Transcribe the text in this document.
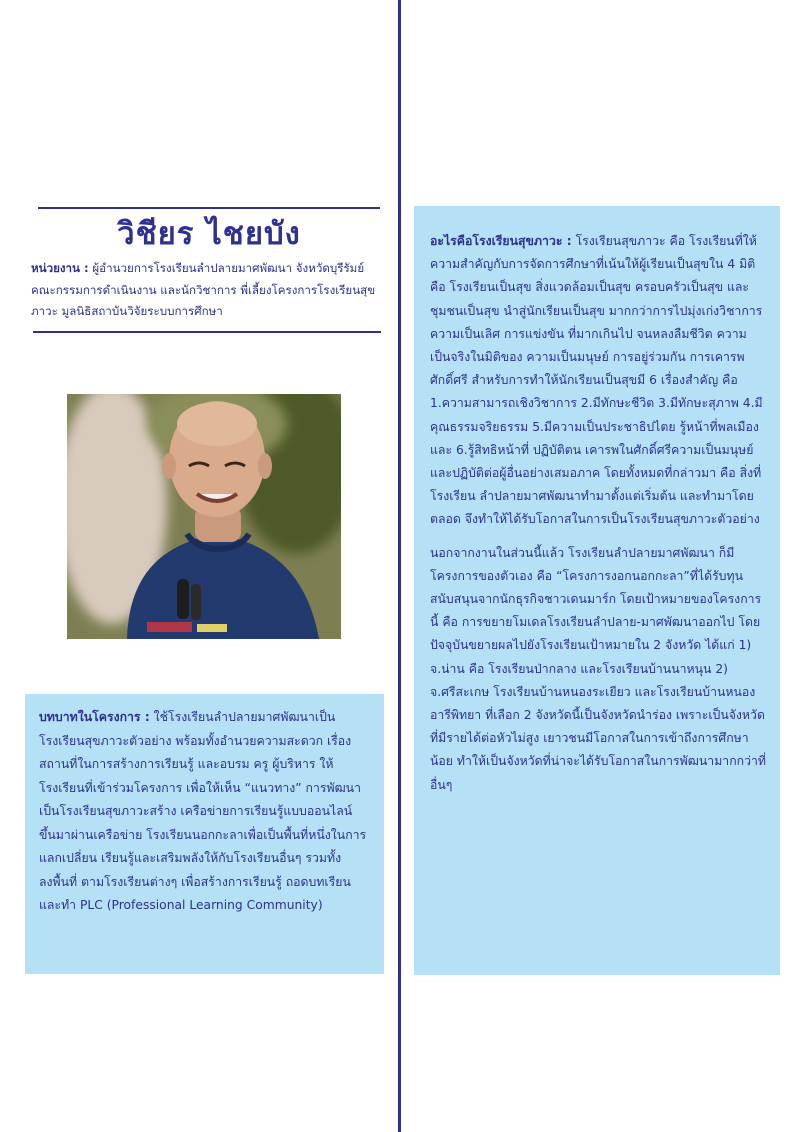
วิชียร ไชยบัง
หน่วยงาน : ผู้อำนวยการโรงเรียนลำปลายมาศพัฒนา จังหวัดบุรีรัมย์ คณะกรรมการดำเนินงาน และนักวิชาการ พี่เลี้ยงโครงการโรงเรียนสุขภาวะ มูลนิธิสถาบันวิจัยระบบการศึกษา

บทบาทในโครงการ : ใช้โรงเรียนลำปลายมาศพัฒนาเป็นโรงเรียนสุขภาวะตัวอย่าง พร้อมทั้งอำนวยความสะดวก เรื่องสถานที่ในการสร้างการเรียนรู้ และอบรม ครู ผู้บริหาร ให้โรงเรียนที่เข้าร่วมโครงการ เพื่อให้เห็น “แนวทาง” การพัฒนาเป็นโรงเรียนสุขภาวะสร้าง เครือข่ายการเรียนรู้แบบออนไลน์ขึ้นมาผ่านเครือข่าย โรงเรียนนอกกะลาเพื่อเป็นพื้นที่หนึ่งในการแลกเปลี่ยน เรียนรู้และเสริมพลังให้กับโรงเรียนอื่นๆ รวมทั้งลงพื้นที่ ตามโรงเรียนต่างๆ เพื่อสร้างการเรียนรู้ ถอดบทเรียน และทำ PLC (Professional Learning Community)

อะไรคือโรงเรียนสุขภาวะ : โรงเรียนสุขภาวะ คือ โรงเรียนที่ให้ความสำคัญกับการจัดการศึกษาที่เน้นให้ผู้เรียนเป็นสุขใน 4 มิติ คือ โรงเรียนเป็นสุข สิ่งแวดล้อมเป็นสุข ครอบครัวเป็นสุข และชุมชนเป็นสุข นำสู่นักเรียนเป็นสุข มากกว่าการไปมุ่งเก่งวิชาการ ความเป็นเลิศ การแข่งขัน ที่มากเกินไป จนหลงลืมชีวิต ความเป็นจริงในมิติของ ความเป็นมนุษย์ การอยู่ร่วมกัน การเคารพศักดิ์ศรี สำหรับการทำให้นักเรียนเป็นสุขมี 6 เรื่องสำคัญ คือ 1.ความสามารถเชิงวิชาการ 2.มีทักษะชีวิต 3.มีทักษะสุภาพ 4.มีคุณธรรมจริยธรรม 5.มีความเป็นประชาธิปไตย รู้หน้าที่พลเมือง และ 6.รู้สิทธิหน้าที่ ปฏิบัติตน เคารพในศักดิ์ศรีความเป็นมนุษย์ และปฏิบัติต่อผู้อื่นอย่างเสมอภาค โดยทั้งหมดที่กล่าวมา คือ สิ่งที่โรงเรียน ลำปลายมาศพัฒนาทำมาตั้งแต่เริ่มต้น และทำมาโดยตลอด จึงทำให้ได้รับโอกาสในการเป็นโรงเรียนสุขภาวะตัวอย่าง

นอกจากงานในส่วนนี้แล้ว โรงเรียนลำปลายมาศพัฒนา ก็มีโครงการของตัวเอง คือ “โครงการงอกนอกกะลา”ที่ได้รับทุนสนับสนุนจากนักธุรกิจชาวเดนมาร์ก โดยเป้าหมายของโครงการนี้ คือ การขยายโมเดลโรงเรียนลำปลาย-มาศพัฒนาออกไป โดยปัจจุบันขยายผลไปยังโรงเรียนเป้าหมายใน 2 จังหวัด ได้แก่ 1) จ.น่าน คือ โรงเรียนป่ากลาง และโรงเรียนบ้านนาหนุน 2) จ.ศรีสะเกษ โรงเรียนบ้านหนองระเยียว และโรงเรียนบ้านหนองอารีพิทยา ที่เลือก 2 จังหวัดนี้เป็นจังหวัดนำร่อง เพราะเป็นจังหวัดที่มีรายได้ต่อหัวไม่สูง เยาวชนมีโอกาสในการเข้าถึงการศึกษาน้อย ทำให้เป็นจังหวัดที่น่าจะได้รับโอกาสในการพัฒนามากกว่าที่อื่นๆ
